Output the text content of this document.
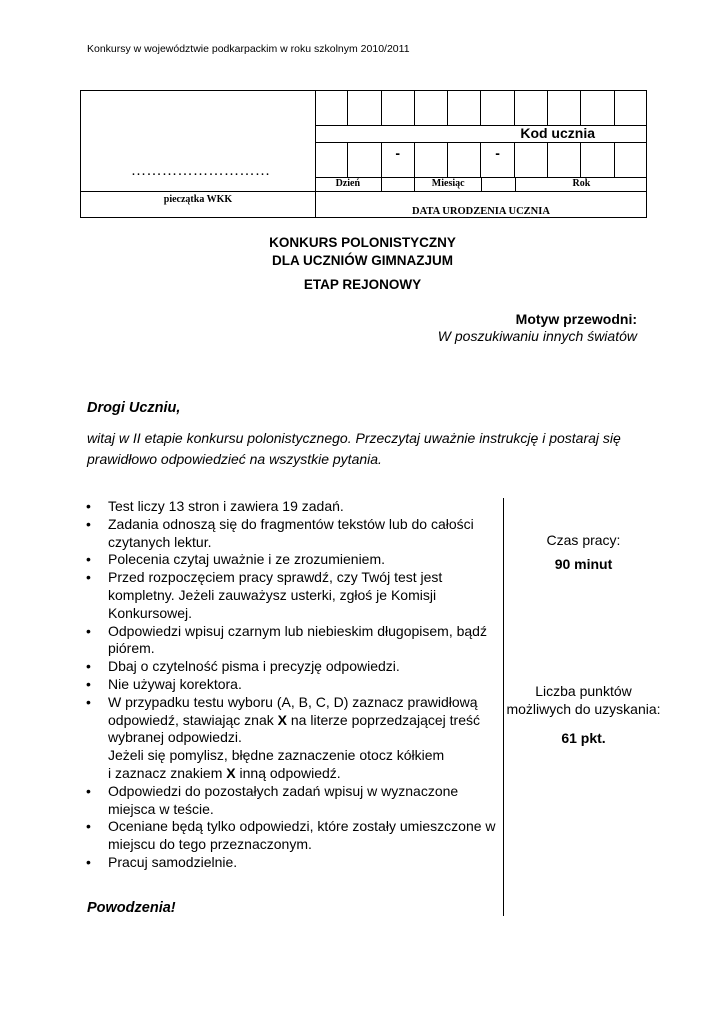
Konkursy w województwie podkarpackim w roku szkolnym 2010/2011
………………………
pieczątka WKK
Kod ucznia
-	-
Dzień	Miesiąc	Rok
DATA URODZENIA UCZNIA
KONKURS POLONISTYCZNY
DLA UCZNIÓW GIMNAZJUM
ETAP REJONOWY
Motyw przewodni:
W poszukiwaniu innych światów
Drogi Uczniu,
witaj w II etapie konkursu polonistycznego. Przeczytaj uważnie instrukcję i postaraj się prawidłowo odpowiedzieć na wszystkie pytania.
• Test liczy 13 stron i zawiera 19 zadań.
• Zadania odnoszą się do fragmentów tekstów lub do całości czytanych lektur.
• Polecenia czytaj uważnie i ze zrozumieniem.
• Przed rozpoczęciem pracy sprawdź, czy Twój test jest kompletny. Jeżeli zauważysz usterki, zgłoś je Komisji Konkursowej.
• Odpowiedzi wpisuj czarnym lub niebieskim długopisem, bądź piórem.
• Dbaj o czytelność pisma i precyzję odpowiedzi.
• Nie używaj korektora.
• W przypadku testu wyboru (A, B, C, D) zaznacz prawidłową odpowiedź, stawiając znak X na literze poprzedzającej treść wybranej odpowiedzi.
Jeżeli się pomylisz, błędne zaznaczenie otocz kółkiem
i zaznacz znakiem X inną odpowiedź.
• Odpowiedzi do pozostałych zadań wpisuj w wyznaczone miejsca w teście.
• Oceniane będą tylko odpowiedzi, które zostały umieszczone w miejscu do tego przeznaczonym.
• Pracuj samodzielnie.
Czas pracy:
90 minut
Liczba punktów możliwych do uzyskania:
61 pkt.
Powodzenia!
